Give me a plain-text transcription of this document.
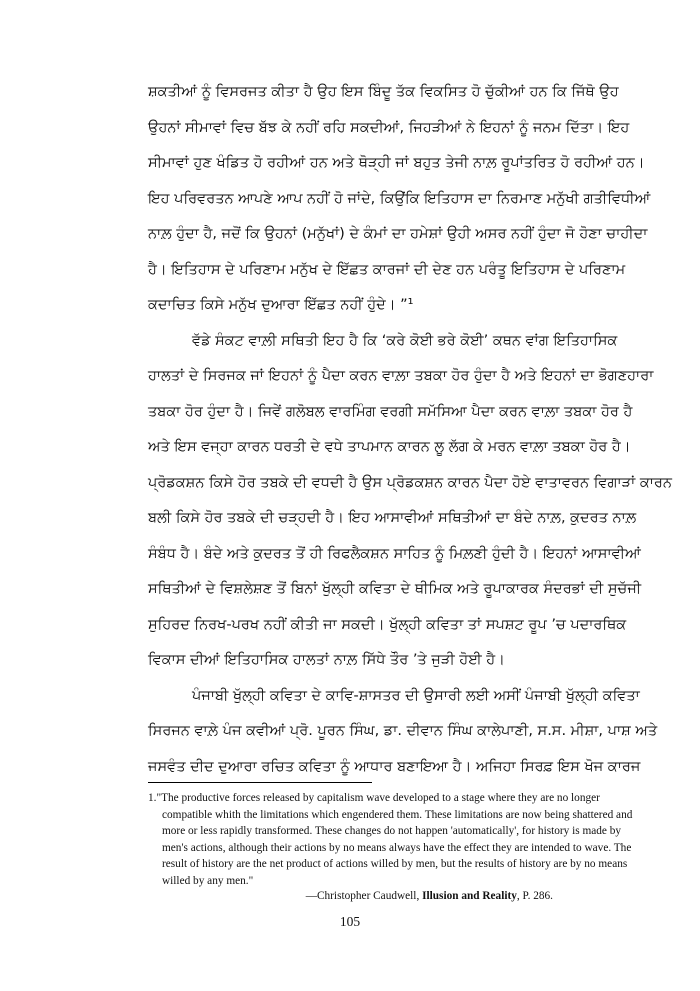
ਸ਼ਕਤੀਆਂ ਨੂੰ ਵਿਸਰਜਤ ਕੀਤਾ ਹੈ ਉਹ ਇਸ ਬਿੰਦੂ ਤੱਕ ਵਿਕਸਿਤ ਹੋ ਚੁੱਕੀਆਂ ਹਨ ਕਿ ਜਿੱਥੋ ਉਹ
ਉਹਨਾਂ ਸੀਮਾਵਾਂ ਵਿਚ ਬੱਝ ਕੇ ਨਹੀਂ ਰਹਿ ਸਕਦੀਆਂ, ਜਿਹੜੀਆਂ ਨੇ ਇਹਨਾਂ ਨੂੰ ਜਨਮ ਦਿੱਤਾ। ਇਹ
ਸੀਮਾਵਾਂ ਹੁਣ ਖੰਡਿਤ ਹੋ ਰਹੀਆਂ ਹਨ ਅਤੇ ਥੋੜ੍ਹੀ ਜਾਂ ਬਹੁਤ ਤੇਜੀ ਨਾਲ਼ ਰੂਪਾਂਤਰਿਤ ਹੋ ਰਹੀਆਂ ਹਨ।
ਇਹ ਪਰਿਵਰਤਨ ਆਪਣੇ ਆਪ ਨਹੀਂ ਹੋ ਜਾਂਦੇ, ਕਿਉਂਕਿ ਇਤਿਹਾਸ ਦਾ ਨਿਰਮਾਣ ਮਨੁੱਖੀ ਗਤੀਵਿਧੀਆਂ
ਨਾਲ਼ ਹੁੰਦਾ ਹੈ, ਜਦੋਂ ਕਿ ਉਹਨਾਂ (ਮਨੁੱਖਾਂ) ਦੇ ਕੰਮਾਂ ਦਾ ਹਮੇਸ਼ਾਂ ਉਹੀ ਅਸਰ ਨਹੀਂ ਹੁੰਦਾ ਜੋ ਹੋਣਾ ਚਾਹੀਦਾ
ਹੈ। ਇਤਿਹਾਸ ਦੇ ਪਰਿਣਾਮ ਮਨੁੱਖ ਦੇ ਇੱਛਤ ਕਾਰਜਾਂ ਦੀ ਦੇਣ ਹਨ ਪਰੰਤੂ ਇਤਿਹਾਸ ਦੇ ਪਰਿਣਾਮ
ਕਦਾਚਿਤ ਕਿਸੇ ਮਨੁੱਖ ਦੁਆਰਾ ਇੱਛਤ ਨਹੀਂ ਹੁੰਦੇ। ”¹
ਵੱਡੇ ਸੰਕਟ ਵਾਲ਼ੀ ਸਥਿਤੀ ਇਹ ਹੈ ਕਿ ‘ਕਰੇ ਕੋਈ ਭਰੇ ਕੋਈ’ ਕਥਨ ਵਾਂਗ ਇਤਿਹਾਸਿਕ
ਹਾਲਤਾਂ ਦੇ ਸਿਰਜਕ ਜਾਂ ਇਹਨਾਂ ਨੂੰ ਪੈਦਾ ਕਰਨ ਵਾਲ਼ਾ ਤਬਕਾ ਹੋਰ ਹੁੰਦਾ ਹੈ ਅਤੇ ਇਹਨਾਂ ਦਾ ਭੋਗਣਹਾਰਾ
ਤਬਕਾ ਹੋਰ ਹੁੰਦਾ ਹੈ। ਜਿਵੇਂ ਗਲੋਬਲ ਵਾਰਮਿੰਗ ਵਰਗੀ ਸਮੱਸਿਆ ਪੈਦਾ ਕਰਨ ਵਾਲ਼ਾ ਤਬਕਾ ਹੋਰ ਹੈ
ਅਤੇ ਇਸ ਵਜ੍ਹਾ ਕਾਰਨ ਧਰਤੀ ਦੇ ਵਧੇ ਤਾਪਮਾਨ ਕਾਰਨ ਲੂ ਲੱਗ ਕੇ ਮਰਨ ਵਾਲ਼ਾ ਤਬਕਾ ਹੋਰ ਹੈ।
ਪ੍ਰੋਡਕਸ਼ਨ ਕਿਸੇ ਹੋਰ ਤਬਕੇ ਦੀ ਵਧਦੀ ਹੈ ਉਸ ਪ੍ਰੋਡਕਸ਼ਨ ਕਾਰਨ ਪੈਦਾ ਹੋਏ ਵਾਤਾਵਰਨ ਵਿਗਾੜਾਂ ਕਾਰਨ
ਬਲੀ ਕਿਸੇ ਹੋਰ ਤਬਕੇ ਦੀ ਚੜ੍ਹਦੀ ਹੈ। ਇਹ ਆਸਾਵੀਆਂ ਸਥਿਤੀਆਂ ਦਾ ਬੰਦੇ ਨਾਲ਼, ਕੁਦਰਤ ਨਾਲ਼
ਸੰਬੰਧ ਹੈ। ਬੰਦੇ ਅਤੇ ਕੁਦਰਤ ਤੋਂ ਹੀ ਰਿਫਲੈਕਸ਼ਨ ਸਾਹਿਤ ਨੂੰ ਮਿਲ਼ਣੀ ਹੁੰਦੀ ਹੈ। ਇਹਨਾਂ ਆਸਾਵੀਆਂ
ਸਥਿਤੀਆਂ ਦੇ ਵਿਸ਼ਲੇਸ਼ਣ ਤੋਂ ਬਿਨਾਂ ਖੁੱਲ੍ਹੀ ਕਵਿਤਾ ਦੇ ਥੀਮਿਕ ਅਤੇ ਰੂਪਾਕਾਰਕ ਸੰਦਰਭਾਂ ਦੀ ਸੁਚੱਜੀ
ਸੁਹਿਰਦ ਨਿਰਖ-ਪਰਖ ਨਹੀਂ ਕੀਤੀ ਜਾ ਸਕਦੀ। ਖੁੱਲ੍ਹੀ ਕਵਿਤਾ ਤਾਂ ਸਪਸ਼ਟ ਰੂਪ ’ਚ ਪਦਾਰਥਿਕ
ਵਿਕਾਸ ਦੀਆਂ ਇਤਿਹਾਸਿਕ ਹਾਲਤਾਂ ਨਾਲ਼ ਸਿੱਧੇ ਤੌਰ ’ਤੇ ਜੁੜੀ ਹੋਈ ਹੈ।
ਪੰਜਾਬੀ ਖੁੱਲ੍ਹੀ ਕਵਿਤਾ ਦੇ ਕਾਵਿ-ਸ਼ਾਸਤਰ ਦੀ ਉਸਾਰੀ ਲਈ ਅਸੀਂ ਪੰਜਾਬੀ ਖੁੱਲ੍ਹੀ ਕਵਿਤਾ
ਸਿਰਜਨ ਵਾਲ਼ੇ ਪੰਜ ਕਵੀਆਂ ਪ੍ਰੋ. ਪੂਰਨ ਸਿੰਘ, ਡਾ. ਦੀਵਾਨ ਸਿੰਘ ਕਾਲੇਪਾਣੀ, ਸ.ਸ. ਮੀਸ਼ਾ, ਪਾਸ਼ ਅਤੇ
ਜਸਵੰਤ ਦੀਦ ਦੁਆਰਾ ਰਚਿਤ ਕਵਿਤਾ ਨੂੰ ਆਧਾਰ ਬਣਾਇਆ ਹੈ। ਅਜਿਹਾ ਸਿਰਫ਼ ਇਸ ਖੋਜ ਕਾਰਜ
1."The productive forces released by capitalism wave developed to a stage where they are no longer
compatible whith the limitations which engendered them. These limitations are now being shattered and
more or less rapidly transformed. These changes do not happen 'automatically', for history is made by
men's actions, although their actions by no means always have the effect they are intended to wave. The
result of history are the net product of actions willed by men, but the results of history are by no means
willed by any men."
—Christopher Caudwell, Illusion and Reality, P. 286.
105
